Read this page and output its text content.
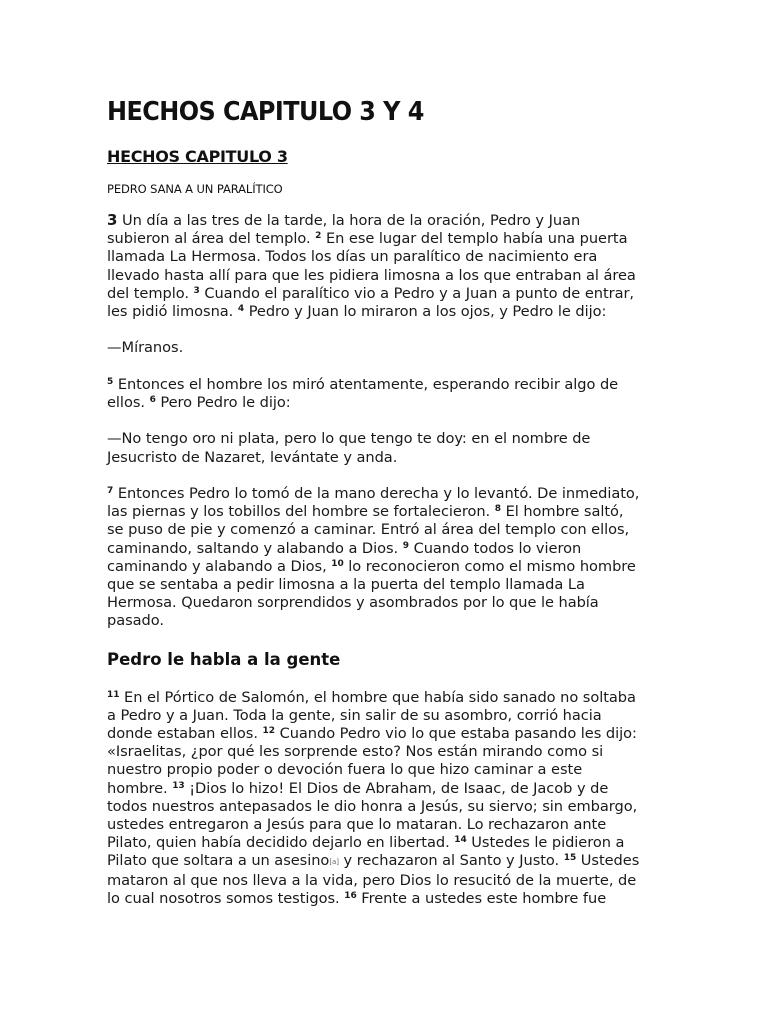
HECHOS CAPITULO 3 Y 4
HECHOS CAPITULO 3
PEDRO SANA A UN PARALÍTICO

3 Un día a las tres de la tarde, la hora de la oración, Pedro y Juan
subieron al área del templo. $^2$ En ese lugar del templo había una puerta
llamada La Hermosa. Todos los días un paralítico de nacimiento era
llevado hasta allí para que les pidiera limosna a los que entraban al área
del templo. $^3$ Cuando el paralítico vio a Pedro y a Juan a punto de entrar,
les pidió limosna. $^4$ Pedro y Juan lo miraron a los ojos, y Pedro le dijo:

—Míranos.

$^5$ Entonces el hombre los miró atentamente, esperando recibir algo de
ellos. $^6$ Pero Pedro le dijo:

—No tengo oro ni plata, pero lo que tengo te doy: en el nombre de
Jesucristo de Nazaret, levántate y anda.

$^7$ Entonces Pedro lo tomó de la mano derecha y lo levantó. De inmediato,
las piernas y los tobillos del hombre se fortalecieron. $^8$ El hombre saltó,
se puso de pie y comenzó a caminar. Entró al área del templo con ellos,
caminando, saltando y alabando a Dios. $^9$ Cuando todos lo vieron
caminando y alabando a Dios, $^{10}$ lo reconocieron como el mismo hombre
que se sentaba a pedir limosna a la puerta del templo llamada La
Hermosa. Quedaron sorprendidos y asombrados por lo que le había
pasado.

Pedro le habla a la gente

$^{11}$ En el Pórtico de Salomón, el hombre que había sido sanado no soltaba
a Pedro y a Juan. Toda la gente, sin salir de su asombro, corrió hacia
donde estaban ellos. $^{12}$ Cuando Pedro vio lo que estaba pasando les dijo:
«Israelitas, ¿por qué les sorprende esto? Nos están mirando como si
nuestro propio poder o devoción fuera lo que hizo caminar a este
hombre. $^{13}$ ¡Dios lo hizo! El Dios de Abraham, de Isaac, de Jacob y de
todos nuestros antepasados le dio honra a Jesús, su siervo; sin embargo,
ustedes entregaron a Jesús para que lo mataran. Lo rechazaron ante
Pilato, quien había decidido dejarlo en libertad. $^{14}$ Ustedes le pidieron a
Pilato que soltara a un asesino[a] y rechazaron al Santo y Justo. $^{15}$ Ustedes
mataron al que nos lleva a la vida, pero Dios lo resucitó de la muerte, de
lo cual nosotros somos testigos. $^{16}$ Frente a ustedes este hombre fue
